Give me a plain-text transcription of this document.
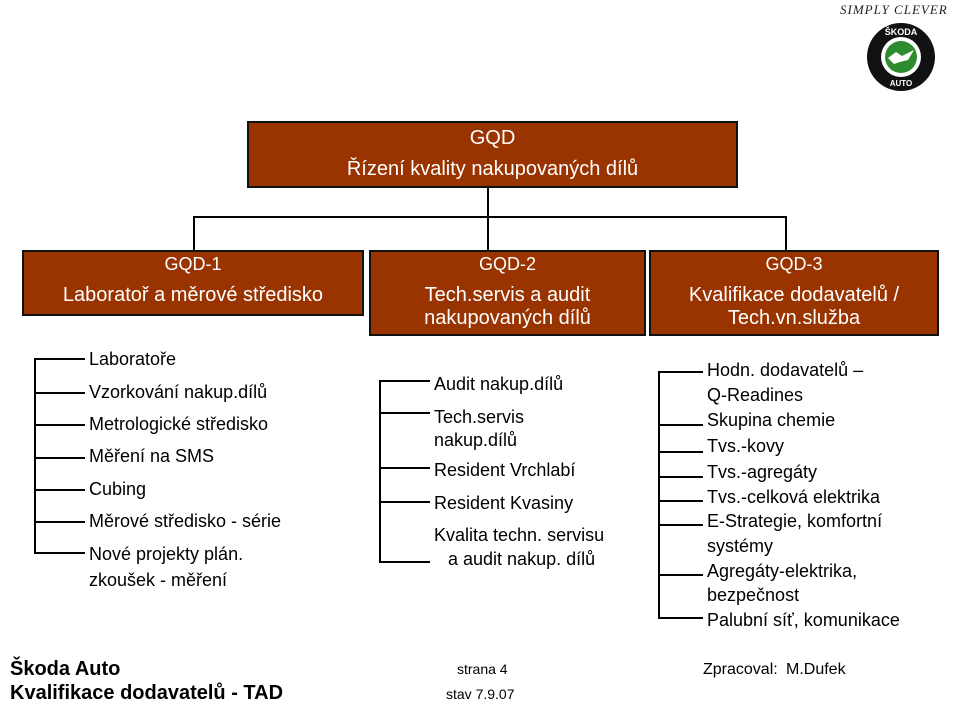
SIMPLY CLEVER
ŠKODA
AUTO
GQD
Řízení kvality nakupovaných dílů
GQD-1
Laboratoř a měrové středisko
GQD-2
Tech.servis a audit
nakupovaných dílů
GQD-3
Kvalifikace dodavatelů /
Tech.vn.služba
Laboratoře
Vzorkování nakup.dílů
Metrologické středisko
Měření na SMS
Cubing
Měrové středisko - série
Nové projekty plán.
zkoušek - měření
Audit nakup.dílů
Tech.servis
nakup.dílů
Resident Vrchlabí
Resident Kvasiny
Kvalita techn. servisu
a audit nakup. dílů
Hodn. dodavatelů –
Q-Readines
Skupina chemie
Tvs.-kovy
Tvs.-agregáty
Tvs.-celková elektrika
E-Strategie, komfortní
systémy
Agregáty-elektrika,
bezpečnost
Palubní síť, komunikace
Škoda Auto
Kvalifikace dodavatelů - TAD
strana 4
stav 7.9.07
Zpracoval: M.Dufek
